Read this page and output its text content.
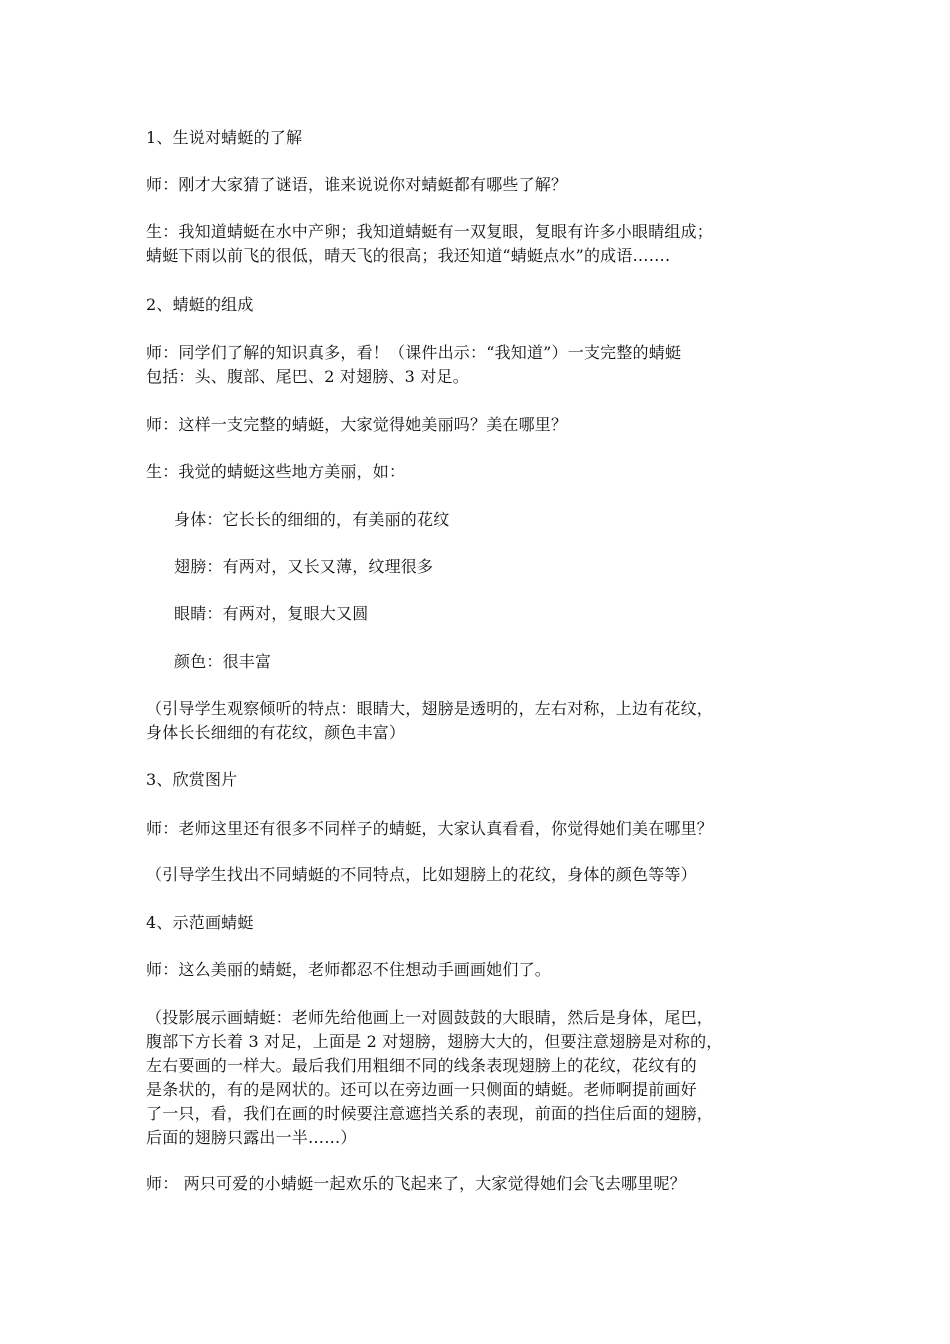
1、生说对蜻蜓的了解
师：刚才大家猜了谜语，谁来说说你对蜻蜓都有哪些了解？
生：我知道蜻蜓在水中产卵；我知道蜻蜓有一双复眼，复眼有许多小眼睛组成；
蜻蜓下雨以前飞的很低，晴天飞的很高；我还知道“蜻蜓点水”的成语…….
2、蜻蜓的组成
师：同学们了解的知识真多，看！（课件出示：“我知道”）一支完整的蜻蜓
包括：头、腹部、尾巴、2 对翅膀、3 对足。
师：这样一支完整的蜻蜓，大家觉得她美丽吗？美在哪里？
生：我觉的蜻蜓这些地方美丽，如：
身体：它长长的细细的，有美丽的花纹
翅膀：有两对，又长又薄，纹理很多
眼睛：有两对，复眼大又圆
颜色：很丰富
（引导学生观察倾听的特点：眼睛大，翅膀是透明的，左右对称，上边有花纹，
身体长长细细的有花纹，颜色丰富）
3、欣赏图片
师：老师这里还有很多不同样子的蜻蜓，大家认真看看，你觉得她们美在哪里？
（引导学生找出不同蜻蜓的不同特点，比如翅膀上的花纹，身体的颜色等等）
4、示范画蜻蜓
师：这么美丽的蜻蜓，老师都忍不住想动手画画她们了。
（投影展示画蜻蜓：老师先给他画上一对圆鼓鼓的大眼睛，然后是身体，尾巴，
腹部下方长着 3 对足，上面是 2 对翅膀，翅膀大大的，但要注意翅膀是对称的，
左右要画的一样大。最后我们用粗细不同的线条表现翅膀上的花纹，花纹有的
是条状的，有的是网状的。还可以在旁边画一只侧面的蜻蜓。老师啊提前画好
了一只，看，我们在画的时候要注意遮挡关系的表现，前面的挡住后面的翅膀，
后面的翅膀只露出一半……）
师： 两只可爱的小蜻蜓一起欢乐的飞起来了，大家觉得她们会飞去哪里呢？
